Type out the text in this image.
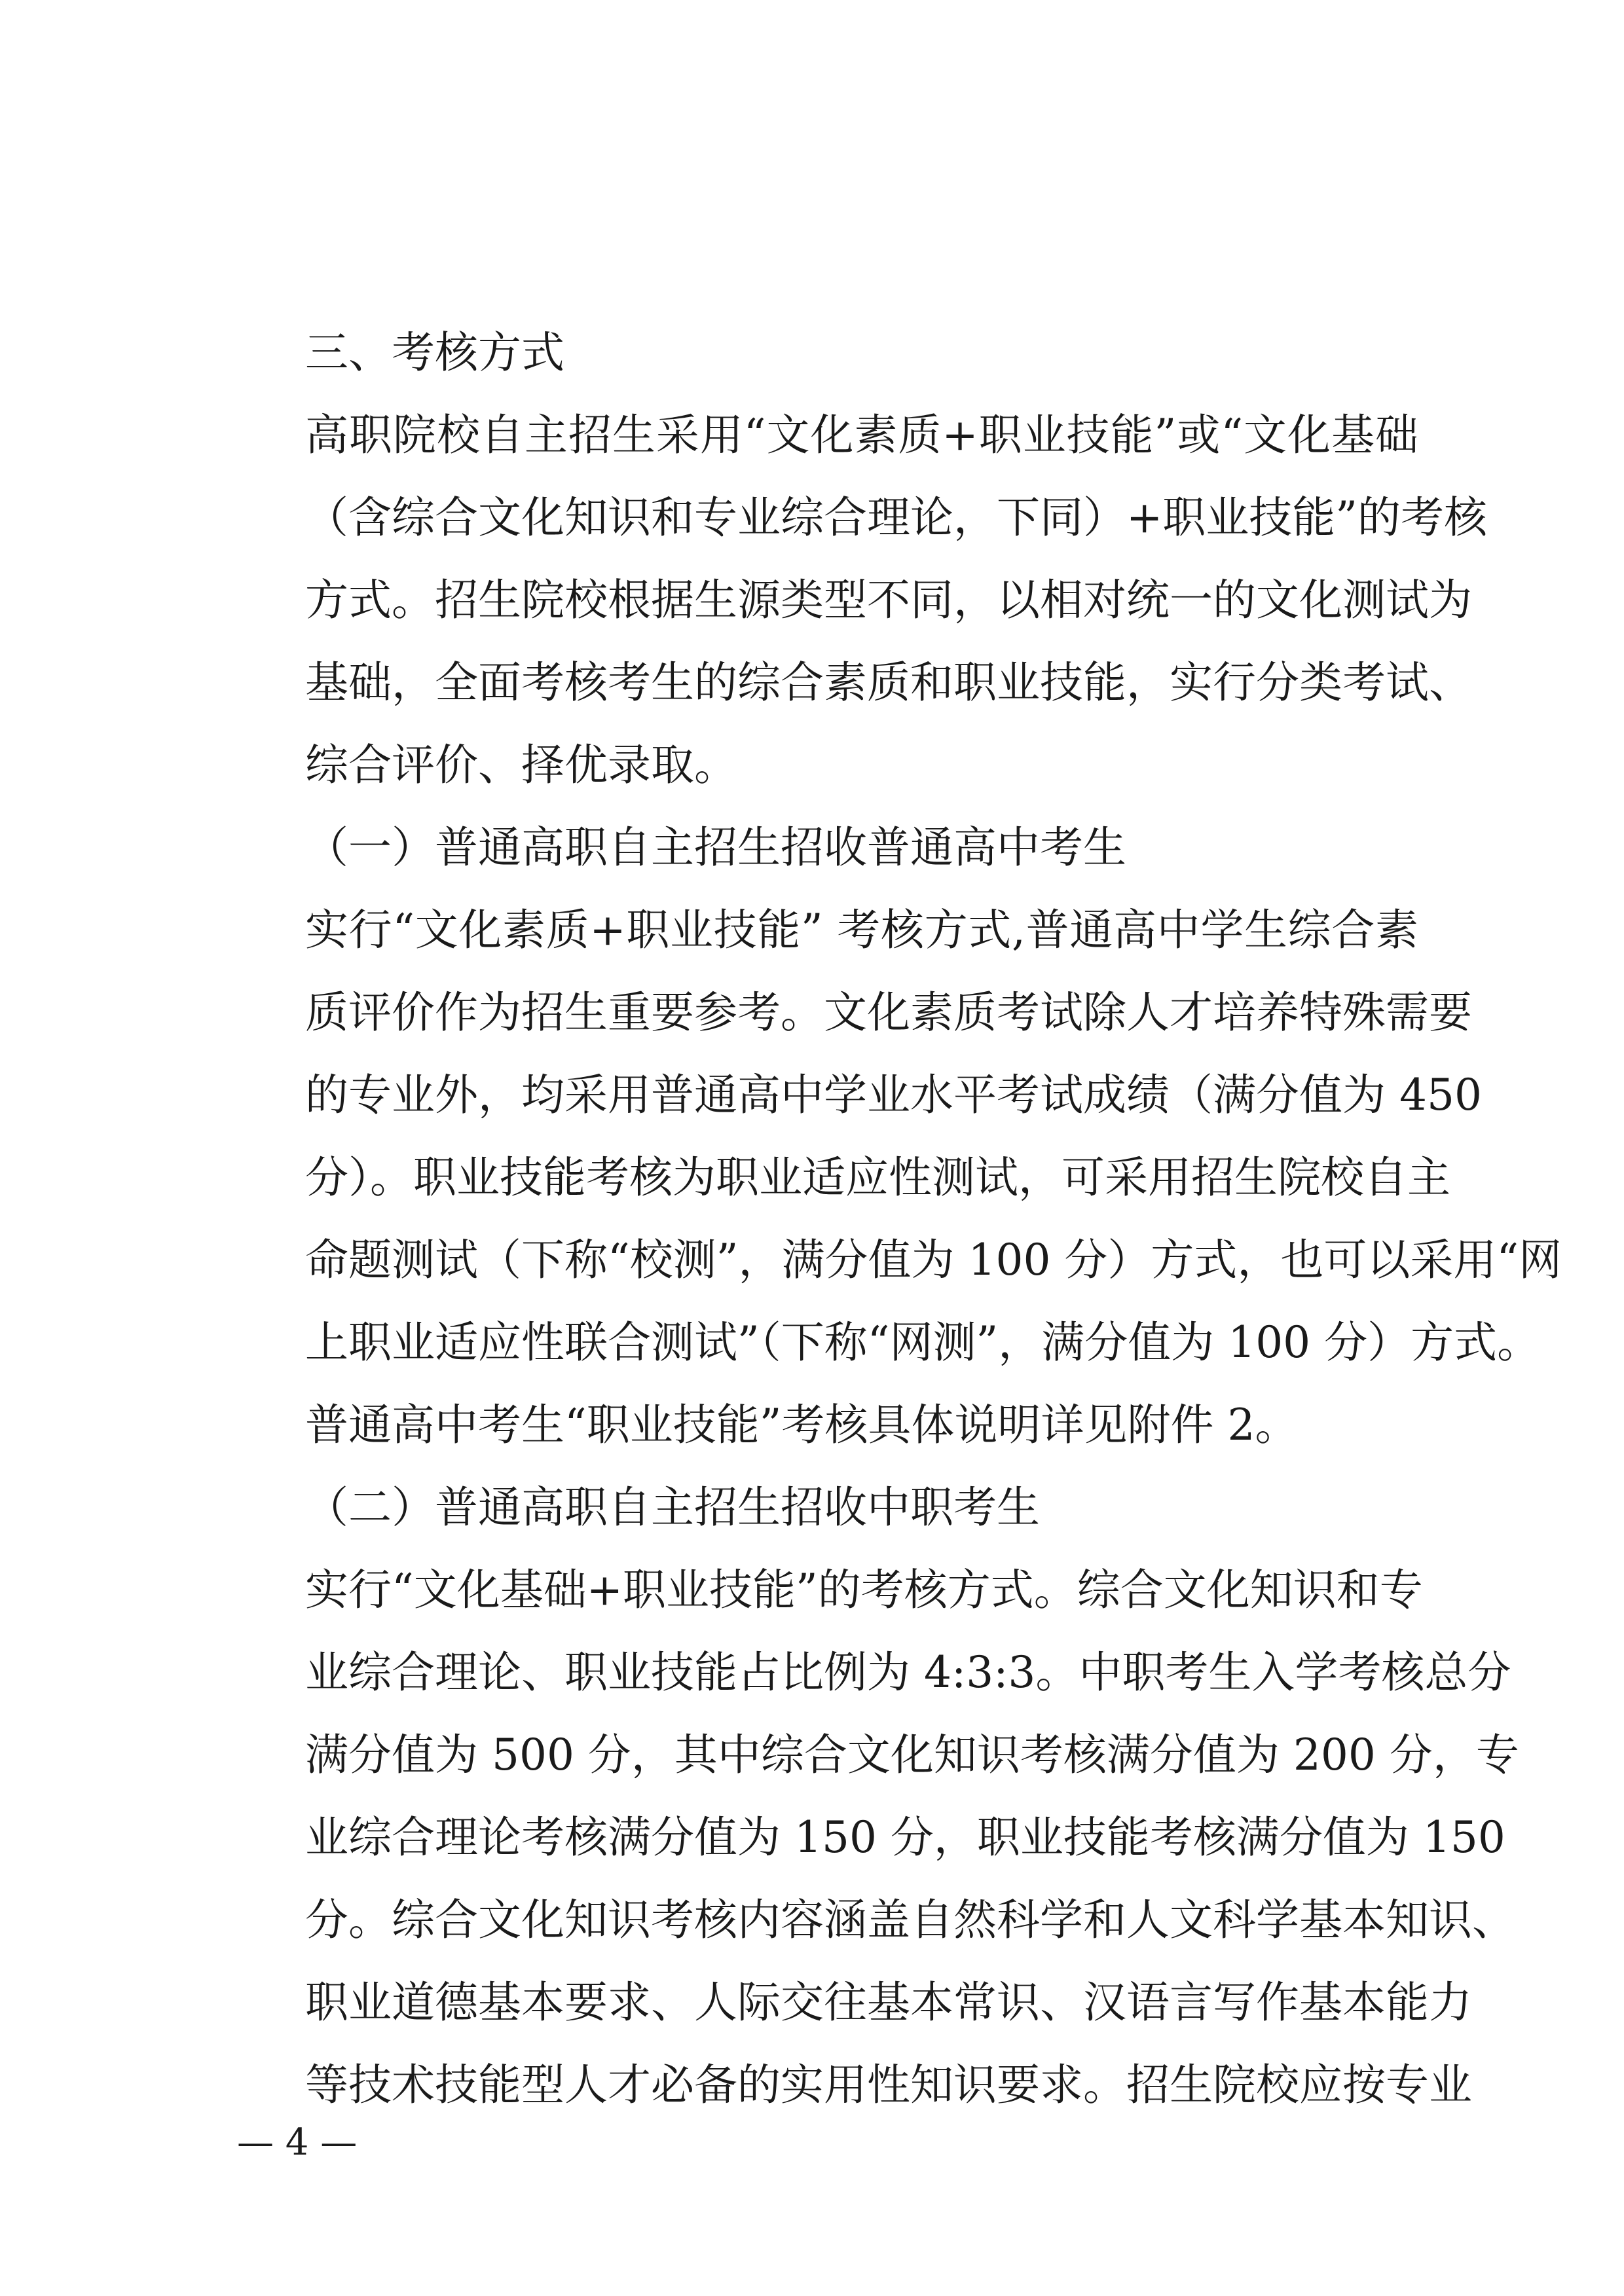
三、考核方式
高职院校自主招生采用“文化素质+职业技能”或“文化基础
（含综合文化知识和专业综合理论，下同）+职业技能”的考核
方式。招生院校根据生源类型不同，以相对统一的文化测试为
基础，全面考核考生的综合素质和职业技能，实行分类考试、
综合评价、择优录取。
（一）普通高职自主招生招收普通高中考生
实行“文化素质+职业技能” 考核方式,普通高中学生综合素
质评价作为招生重要参考。文化素质考试除人才培养特殊需要
的专业外，均采用普通高中学业水平考试成绩（满分值为 450
分）。职业技能考核为职业适应性测试，可采用招生院校自主
命题测试（下称“校测”，满分值为 100 分）方式，也可以采用“网
上职业适应性联合测试”（下称“网测”，满分值为 100 分）方式。
普通高中考生“职业技能”考核具体说明详见附件 2。
（二）普通高职自主招生招收中职考生
实行“文化基础+职业技能”的考核方式。综合文化知识和专
业综合理论、职业技能占比例为 4:3:3。中职考生入学考核总分
满分值为 500 分，其中综合文化知识考核满分值为 200 分，专
业综合理论考核满分值为 150 分，职业技能考核满分值为 150
分。综合文化知识考核内容涵盖自然科学和人文科学基本知识、
职业道德基本要求、人际交往基本常识、汉语言写作基本能力
等技术技能型人才必备的实用性知识要求。招生院校应按专业
— 4 —
